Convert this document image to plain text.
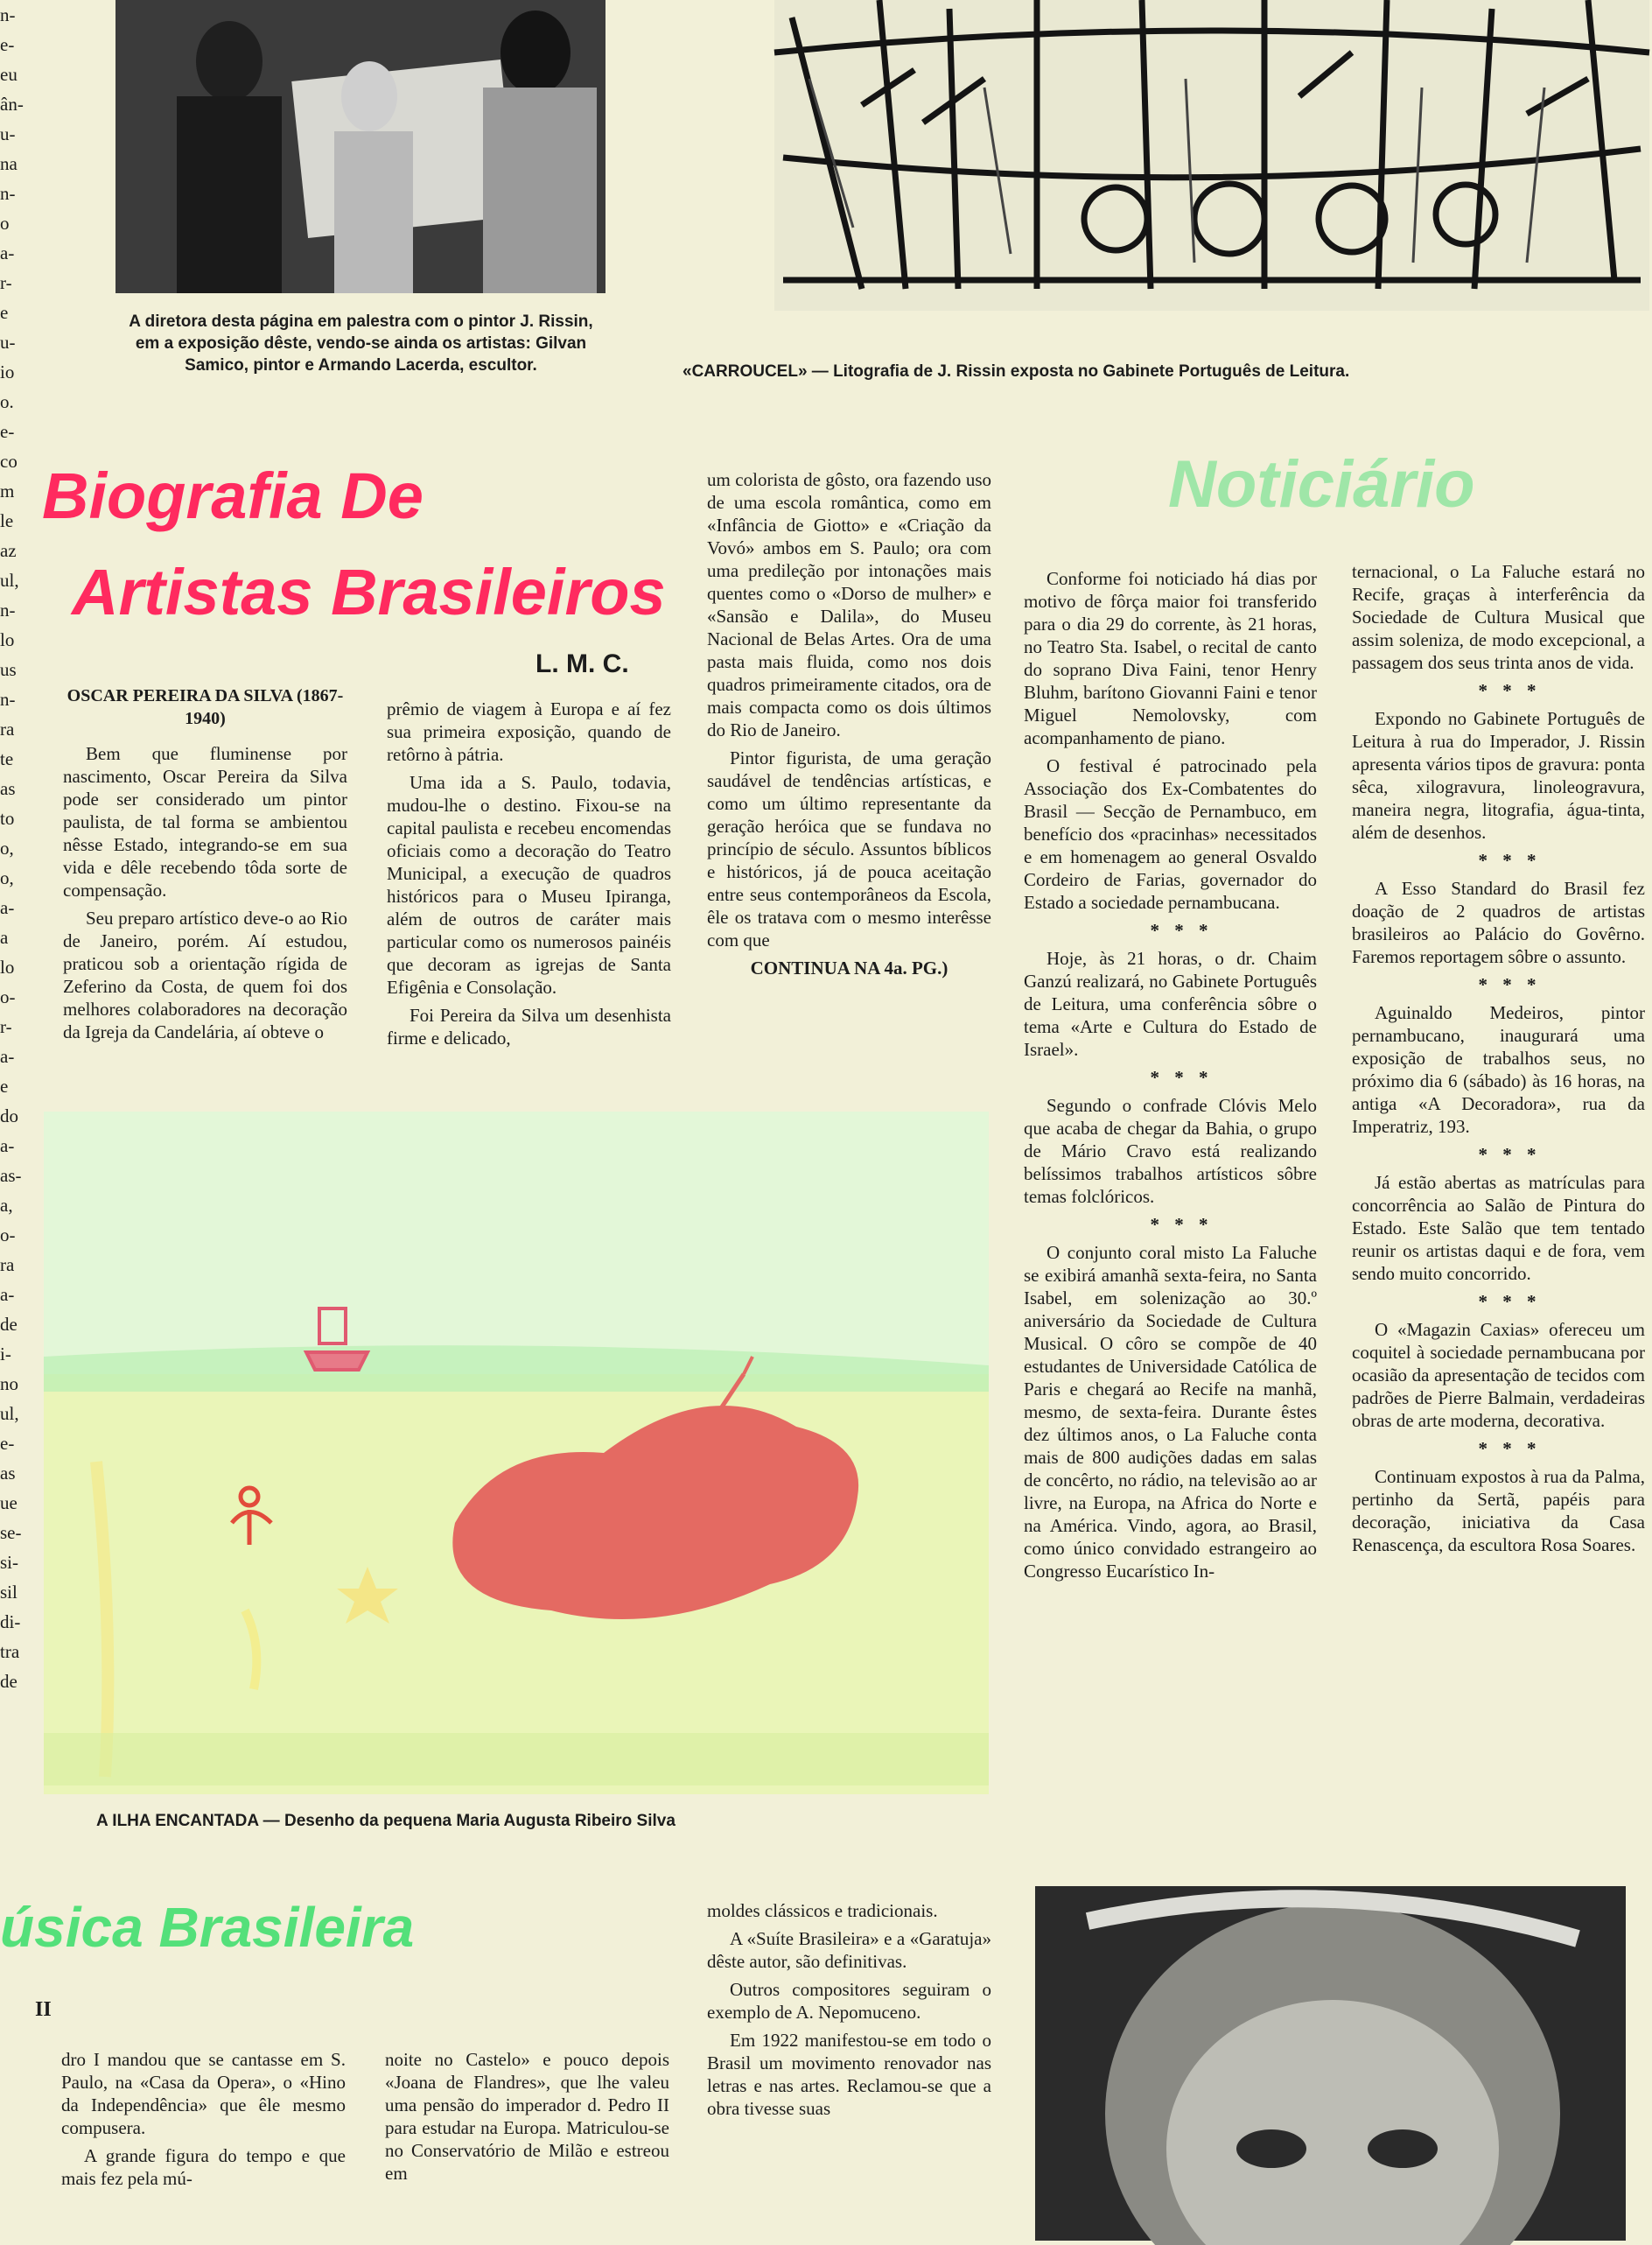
n-
e-
eu
ân-
u-
na
n-
o
a-
r-
e
u-
io
o.
e-
co
m
le
az
ul,
n-
lo
us
n-
ra
te
as
to
o,
o,
a-
a
lo
o-
r-
a-
e
do
a-
as-
a,
o-
ra
a-
de
i-
no
ul,
e-
as
ue
se-
si-
sil
di-
tra
de
A diretora desta página em palestra com o pintor J. Rissin, em a exposição dêste, vendo-se ainda os artistas: Gilvan Samico, pintor e Armando Lacerda, escultor.	«CARROUCEL» — Litografia de J. Rissin exposta no Gabinete Português de Leitura.
Biografia De
Artistas Brasileiros
L. M. C.
OSCAR PEREIRA DA SILVA (1867-1940)

Bem que fluminense por nascimento, Oscar Pereira da Silva pode ser considerado um pintor paulista, de tal forma se ambientou nêsse Estado, integrando-se em sua vida e dêle recebendo tôda sorte de compensação.

Seu preparo artístico deve-o ao Rio de Janeiro, porém. Aí estudou, praticou sob a orientação rígida de Zeferino da Costa, de quem foi dos melhores colaboradores na decoração da Igreja da Candelária, aí obteve o

prêmio de viagem à Europa e aí fez sua primeira exposição, quando de retôrno à pátria.

Uma ida a S. Paulo, todavia, mudou-lhe o destino. Fixou-se na capital paulista e recebeu encomendas oficiais como a decoração do Teatro Municipal, a execução de quadros históricos para o Museu Ipiranga, além de outros de caráter mais particular como os numerosos painéis que decoram as igrejas de Santa Efigênia e Consolação.

Foi Pereira da Silva um desenhista firme e delicado,

um colorista de gôsto, ora fazendo uso de uma escola romântica, como em «Infância de Giotto» e «Criação da Vovó» ambos em S. Paulo; ora com uma predileção por intonações mais quentes como o «Dorso de mulher» e «Sansão e Dalila», do Museu Nacional de Belas Artes. Ora de uma pasta mais fluida, como nos dois quadros primeiramente citados, ora de mais compacta como os dois últimos do Rio de Janeiro.

Pintor figurista, de uma geração saudável de tendências artísticas, e como um último representante da geração heróica que se fundava no princípio de século. Assuntos bíblicos e históricos, já de pouca aceitação entre seus contemporâneos da Escola, êle os tratava com o mesmo interêsse com que

CONTINUA NA 4a. PG.)
A ILHA ENCANTADA — Desenho da pequena Maria Augusta Ribeiro Silva
Noticiário

Conforme foi noticiado há dias por motivo de fôrça maior foi transferido para o dia 29 do corrente, às 21 horas, no Teatro Sta. Isabel, o recital de canto do soprano Diva Faini, tenor Henry Bluhm, barítono Giovanni Faini e tenor Miguel Nemolovsky, com acompanhamento de piano.

O festival é patrocinado pela Associação dos Ex-Combatentes do Brasil — Secção de Pernambuco, em benefício dos «pracinhas» necessitados e em homenagem ao general Osvaldo Cordeiro de Farias, governador do Estado a sociedade pernambucana.

* * *

Hoje, às 21 horas, o dr. Chaim Ganzú realizará, no Gabinete Português de Leitura, uma conferência sôbre o tema «Arte e Cultura do Estado de Israel».

* * *

Segundo o confrade Clóvis Melo que acaba de chegar da Bahia, o grupo de Mário Cravo está realizando belíssimos trabalhos artísticos sôbre temas folclóricos.

* * *

O conjunto coral misto La Faluche se exibirá amanhã sexta-feira, no Santa Isabel, em solenização ao 30.º aniversário da Sociedade de Cultura Musical. O côro se compõe de 40 estudantes de Universidade Católica de Paris e chegará ao Recife na manhã, mesmo, de sexta-feira. Durante êstes dez últimos anos, o La Faluche conta mais de 800 audições dadas em salas de concêrto, no rádio, na televisão ao ar livre, na Europa, na Africa do Norte e na América. Vindo, agora, ao Brasil, como único convidado estrangeiro ao Congresso Eucarístico In-

ternacional, o La Faluche estará no Recife, graças à interferência da Sociedade de Cultura Musical que assim soleniza, de modo excepcional, a passagem dos seus trinta anos de vida.

* * *

Expondo no Gabinete Português de Leitura à rua do Imperador, J. Rissin apresenta vários tipos de gravura: ponta sêca, xilogravura, linoleogravura, maneira negra, litografia, água-tinta, além de desenhos.

* * *

A Esso Standard do Brasil fez doação de 2 quadros de artistas brasileiros ao Palácio do Govêrno. Faremos reportagem sôbre o assunto.

* * *

Aguinaldo Medeiros, pintor pernambucano, inaugurará uma exposição de trabalhos seus, no próximo dia 6 (sábado) às 16 horas, na antiga «A Decoradora», rua da Imperatriz, 193.

* * *

Já estão abertas as matrículas para concorrência ao Salão de Pintura do Estado. Este Salão que tem tentado reunir os artistas daqui e de fora, vem sendo muito concorrido.

* * *

O «Magazin Caxias» ofereceu um coquitel à sociedade pernambucana por ocasião da apresentação de tecidos com padrões de Pierre Balmain, verdadeiras obras de arte moderna, decorativa.

* * *

Continuam expostos à rua da Palma, pertinho da Sertã, papéis para decoração, iniciativa da Casa Renascença, da escultora Rosa Soares.

úsica Brasileira
II

dro I mandou que se cantasse em S. Paulo, na «Casa da Opera», o «Hino da Independência» que êle mesmo compusera.

A grande figura do tempo e que mais fez pela mú-

noite no Castelo» e pouco depois «Joana de Flandres», que lhe valeu uma pensão do imperador d. Pedro II para estudar na Europa. Matriculou-se no Conservatório de Milão e estreou em

moldes clássicos e tradicionais.

A «Suíte Brasileira» e a «Garatuja» dêste autor, são definitivas.

Outros compositores seguiram o exemplo de A. Nepomuceno.

Em 1922 manifestou-se em todo o Brasil um movimento renovador nas letras e nas artes. Reclamou-se que a obra tivesse suas
